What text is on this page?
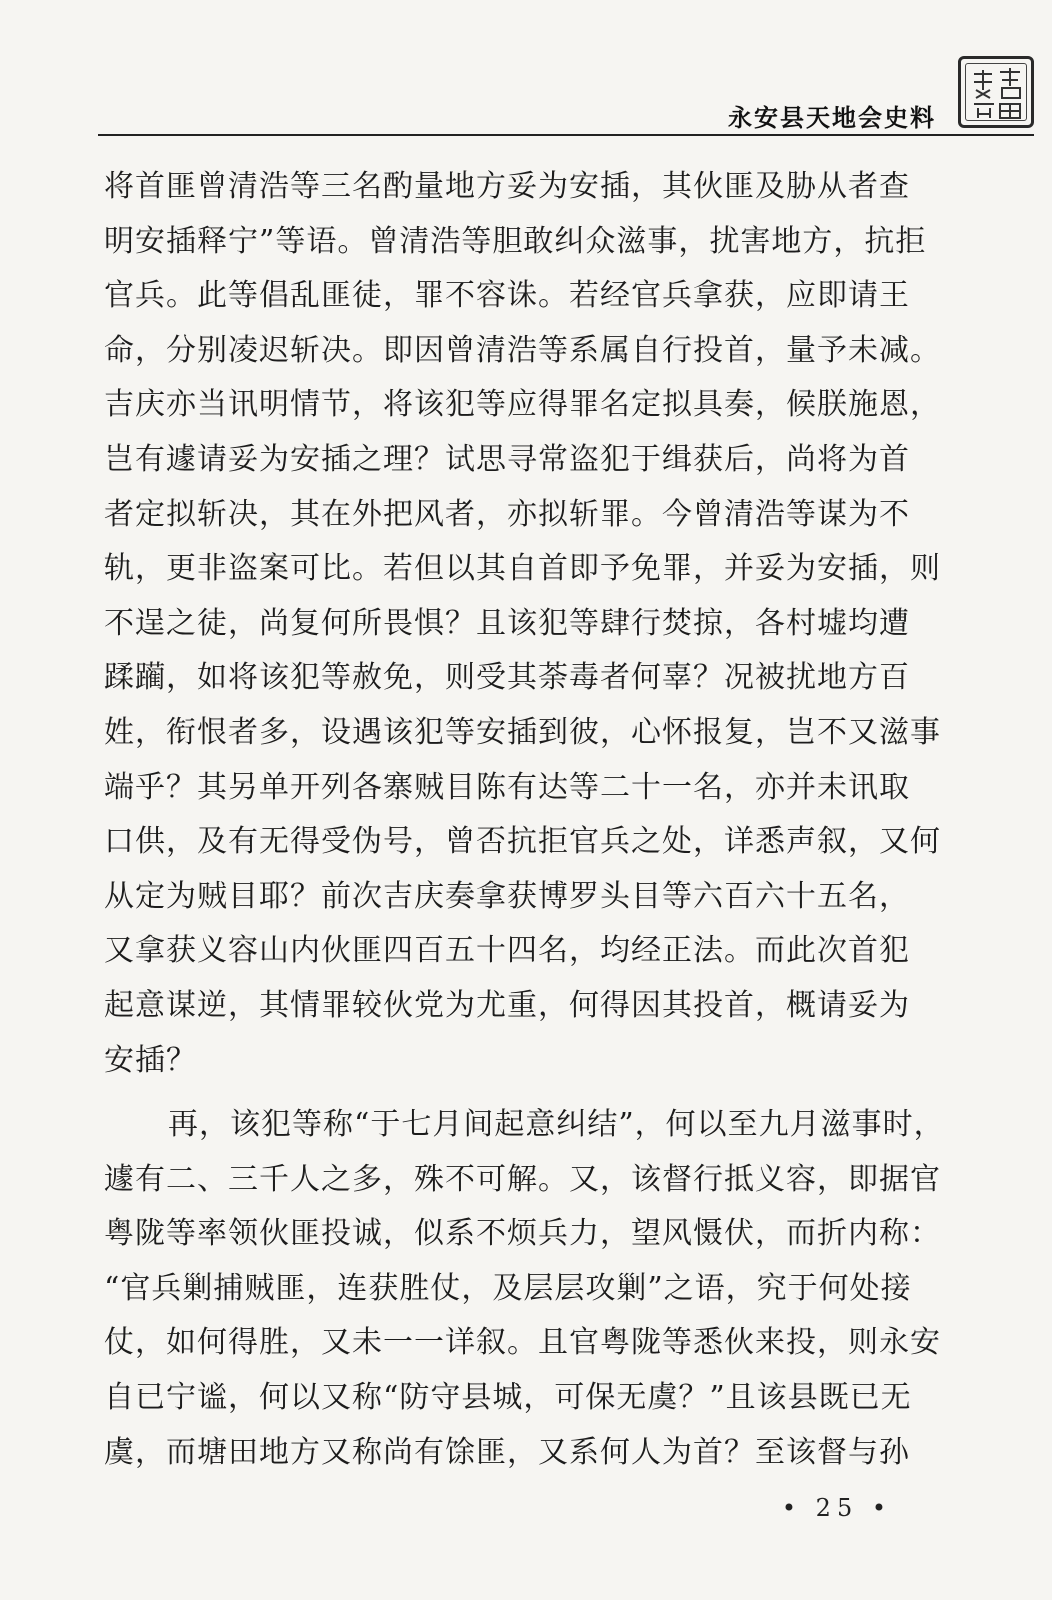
永安县天地会史料
将首匪曾清浩等三名酌量地方妥为安插，其伙匪及胁从者查
明安插释宁”等语。曾清浩等胆敢纠众滋事，扰害地方，抗拒
官兵。此等倡乱匪徒，罪不容诛。若经官兵拿获，应即请王
命，分别凌迟斩决。即因曾清浩等系属自行投首，量予未减。
吉庆亦当讯明情节，将该犯等应得罪名定拟具奏，候朕施恩，
岂有遽请妥为安插之理？试思寻常盗犯于缉获后，尚将为首
者定拟斩决，其在外把风者，亦拟斩罪。今曾清浩等谋为不
轨，更非盗案可比。若但以其自首即予免罪，并妥为安插，则
不逞之徒，尚复何所畏惧？且该犯等肆行焚掠，各村墟均遭
蹂躏，如将该犯等赦免，则受其荼毒者何辜？况被扰地方百
姓，衔恨者多，设遇该犯等安插到彼，心怀报复，岂不又滋事
端乎？其另单开列各寨贼目陈有达等二十一名，亦并未讯取
口供，及有无得受伪号，曾否抗拒官兵之处，详悉声叙，又何
从定为贼目耶？前次吉庆奏拿获博罗头目等六百六十五名，
又拿获义容山内伙匪四百五十四名，均经正法。而此次首犯
起意谋逆，其情罪较伙党为尤重，何得因其投首，概请妥为
安插？
再，该犯等称“于七月间起意纠结”，何以至九月滋事时，
遽有二、三千人之多，殊不可解。又，该督行抵义容，即据官
粤陇等率领伙匪投诚，似系不烦兵力，望风慑伏，而折内称：
“官兵剿捕贼匪，连获胜仗，及层层攻剿”之语，究于何处接
仗，如何得胜，又未一一详叙。且官粤陇等悉伙来投，则永安
自已宁谧，何以又称“防守县城，可保无虞？”且该县既已无
虞，而塘田地方又称尚有馀匪，又系何人为首？至该督与孙
• 25 •
